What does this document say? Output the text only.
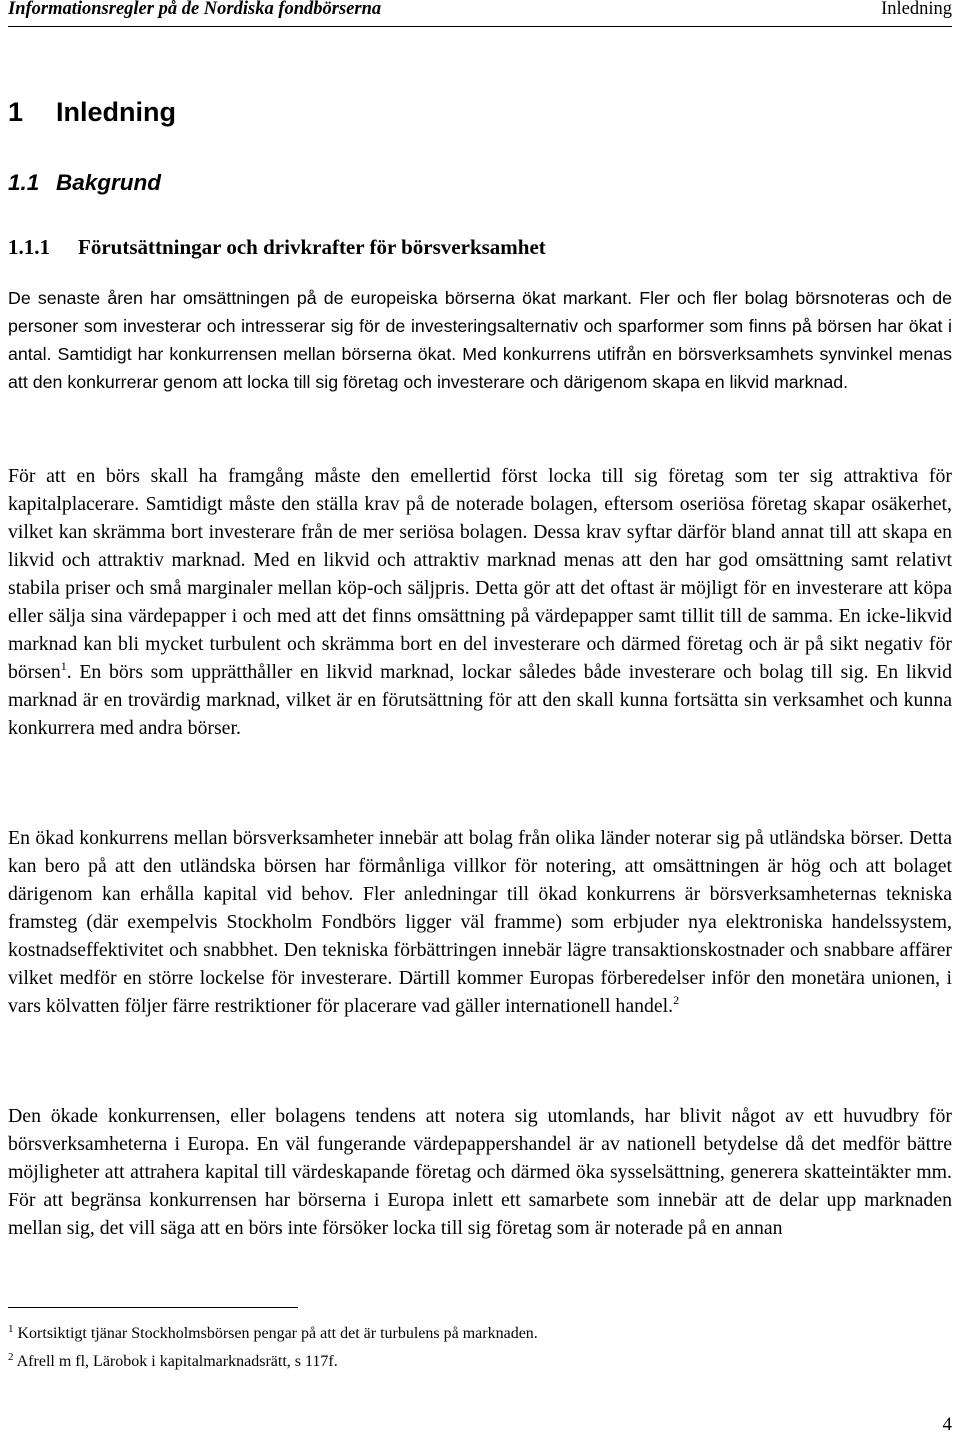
Informationsregler på de Nordiska fondbörserna	Inledning
1 Inledning
1.1 Bakgrund
1.1.1 Förutsättningar och drivkrafter för börsverksamhet

De senaste åren har omsättningen på de europeiska börserna ökat markant. Fler och fler bolag börsnoteras och de personer som investerar och intresserar sig för de investeringsalternativ och sparformer som finns på börsen har ökat i antal. Samtidigt har konkurrensen mellan börserna ökat. Med konkurrens utifrån en börsverksamhets synvinkel menas att den konkurrerar genom att locka till sig företag och investerare och därigenom skapa en likvid marknad.

För att en börs skall ha framgång måste den emellertid först locka till sig företag som ter sig attraktiva för kapitalplacerare. Samtidigt måste den ställa krav på de noterade bolagen, eftersom oseriösa företag skapar osäkerhet, vilket kan skrämma bort investerare från de mer seriösa bolagen. Dessa krav syftar därför bland annat till att skapa en likvid och attraktiv marknad. Med en likvid och attraktiv marknad menas att den har god omsättning samt relativt stabila priser och små marginaler mellan köp-och säljpris. Detta gör att det oftast är möjligt för en investerare att köpa eller sälja sina värdepapper i och med att det finns omsättning på värdepapper samt tillit till de samma. En icke-likvid marknad kan bli mycket turbulent och skrämma bort en del investerare och därmed företag och är på sikt negativ för börsen$^1$. En börs som upprätthåller en likvid marknad, lockar således både investerare och bolag till sig. En likvid marknad är en trovärdig marknad, vilket är en förutsättning för att den skall kunna fortsätta sin verksamhet och kunna konkurrera med andra börser.

En ökad konkurrens mellan börsverksamheter innebär att bolag från olika länder noterar sig på utländska börser. Detta kan bero på att den utländska börsen har förmånliga villkor för notering, att omsättningen är hög och att bolaget därigenom kan erhålla kapital vid behov. Fler anledningar till ökad konkurrens är börsverksamheternas tekniska framsteg (där exempelvis Stockholm Fondbörs ligger väl framme) som erbjuder nya elektroniska handelssystem, kostnadseffektivitet och snabbhet. Den tekniska förbättringen innebär lägre transaktionskostnader och snabbare affärer vilket medför en större lockelse för investerare. Därtill kommer Europas förberedelser inför den monetära unionen, i vars kölvatten följer färre restriktioner för placerare vad gäller internationell handel.$^2$

Den ökade konkurrensen, eller bolagens tendens att notera sig utomlands, har blivit något av ett huvudbry för börsverksamheterna i Europa. En väl fungerande värdepappershandel är av nationell betydelse då det medför bättre möjligheter att attrahera kapital till värdeskapande företag och därmed öka sysselsättning, generera skatteintäkter mm. För att begränsa konkurrensen har börserna i Europa inlett ett samarbete som innebär att de delar upp marknaden mellan sig, det vill säga att en börs inte försöker locka till sig företag som är noterade på en annan

$^1$ Kortsiktigt tjänar Stockholmsbörsen pengar på att det är turbulens på marknaden.

$^2$ Afrell m fl, Lärobok i kapitalmarknadsrätt, s 117f.

4
